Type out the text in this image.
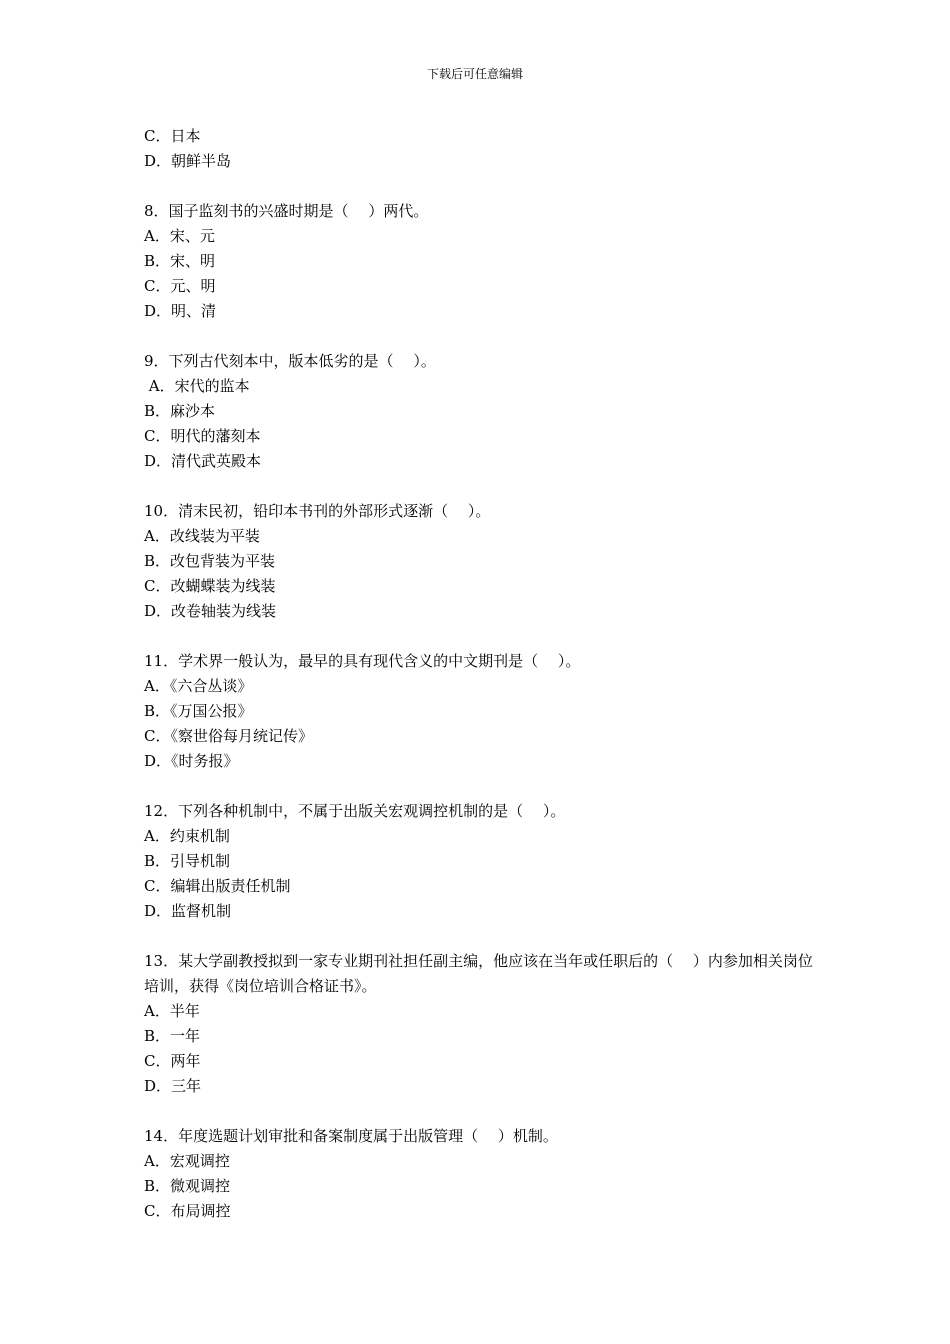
下载后可任意编辑
C．日本
D．朝鲜半岛
8．国子监刻书的兴盛时期是（　 ）两代。
A．宋、元
B．宋、明
C．元、明
D．明、清
9．下列古代刻本中，版本低劣的是（　 ）。
A．宋代的监本
B．麻沙本
C．明代的藩刻本
D．清代武英殿本
10．清末民初，铅印本书刊的外部形式逐渐（　 ）。
A．改线装为平装
B．改包背装为平装
C．改蝴蝶装为线装
D．改卷轴装为线装
11．学术界一般认为，最早的具有现代含义的中文期刊是（　 ）。
A．《六合丛谈》
B．《万国公报》
C．《察世俗每月统记传》
D．《时务报》
12．下列各种机制中，不属于出版关宏观调控机制的是（　 ）。
A．约束机制
B．引导机制
C．编辑出版责任机制
D．监督机制
13．某大学副教授拟到一家专业期刊社担任副主编，他应该在当年或任职后的（　 ）内参加相关岗位培训，获得《岗位培训合格证书》。
A．半年
B．一年
C．两年
D．三年
14．年度选题计划审批和备案制度属于出版管理（　 ）机制。
A．宏观调控
B．微观调控
C．布局调控
